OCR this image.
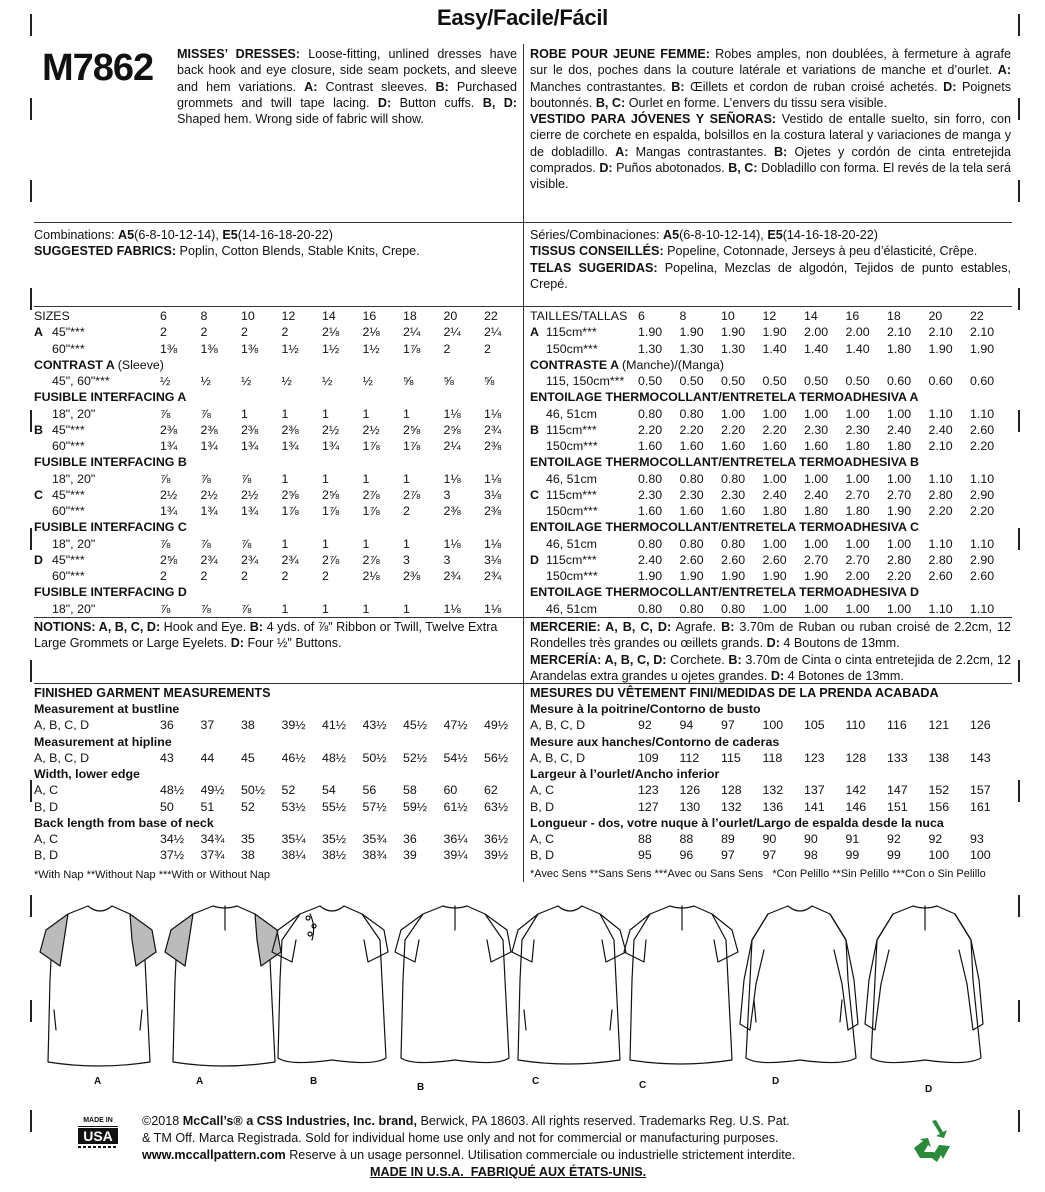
Easy/Facile/Fácil
M7862 MISSES’ DRESSES: Loose-fitting, unlined dresses have back hook and eye closure, side seam pockets, and sleeve and hem variations. A: Contrast sleeves. B: Purchased grommets and twill tape lacing. D: Button cuffs. B, D: Shaped hem. Wrong side of fabric will show.

ROBE POUR JEUNE FEMME: Robes amples, non doublées, à fermeture à agrafe sur le dos, poches dans la couture latérale et variations de manche et d’ourlet. A: Manches contrastantes. B: Œillets et cordon de ruban croisé achetés. D: Poignets boutonnés. B, C: Ourlet en forme. L’envers du tissu sera visible.

VESTIDO PARA JÓVENES Y SEÑORAS: Vestido de entalle suelto, sin forro, con cierre de corchete en espalda, bolsillos en la costura lateral y variaciones de manga y de dobladillo. A: Mangas contrastantes. B: Ojetes y cordón de cinta entretejida comprados. D: Puños abotonados. B, C: Dobladillo con forma. El revés de la tela será visible.

Combinations: A5(6-8-10-12-14), E5(14-16-18-20-22)

SUGGESTED FABRICS: Poplin, Cotton Blends, Stable Knits, Crepe.

Séries/Combinaciones: A5(6-8-10-12-14), E5(14-16-18-20-22)

TISSUS CONSEILLÉS: Popeline, Cotonnade, Jerseys à peu d’élasticité, Crêpe.

TELAS SUGERIDAS: Popelina, Mezclas de algodón, Tejidos de punto estables, Crepé.

SIZES		6	8	10	12	14	16	18	20	22
A	45"***	2	2	2	2	2⅛	2⅛	2¼	2¼	2¼
	60"***	1⅜	1⅜	1⅜	1½	1½	1½	1⅞	2	2
CONTRAST A (Sleeve)										
	45", 60"***	½	½	½	½	½	½	⅝	⅝	⅝
FUSIBLE INTERFACING A										
	18", 20"	⅞	⅞	1	1	1	1	1	1⅛	1⅛
B	45"***	2⅜	2⅜	2⅜	2⅜	2½	2½	2⅝	2⅝	2¾
	60"***	1¾	1¾	1¾	1¾	1¾	1⅞	1⅞	2¼	2⅜
FUSIBLE INTERFACING B										
	18", 20"	⅞	⅞	⅞	1	1	1	1	1⅛	1⅛
C	45"***	2½	2½	2½	2⅝	2⅝	2⅞	2⅞	3	3⅛
	60"***	1¾	1¾	1¾	1⅞	1⅞	1⅞	2	2⅜	2⅜
FUSIBLE INTERFACING C										
	18", 20"	⅞	⅞	⅞	1	1	1	1	1⅛	1⅛
D	45"***	2⅝	2¾	2¾	2¾	2⅞	2⅞	3	3	3⅛
	60"***	2	2	2	2	2	2⅛	2⅜	2¾	2¾
FUSIBLE INTERFACING D										
	18", 20"	⅞	⅞	⅞	1	1	1	1	1⅛	1⅛
TAILLES/TALLAS		6	8	10	12	14	16	18	20	22
A	115cm***	1.90	1.90	1.90	1.90	2.00	2.00	2.10	2.10	2.10
	150cm***	1.30	1.30	1.30	1.40	1.40	1.40	1.80	1.90	1.90
CONTRASTE A (Manche)/(Manga)										
	115, 150cm***	0.50	0.50	0.50	0.50	0.50	0.50	0.60	0.60	0.60
ENTOILAGE THERMOCOLLANT/ENTRETELA TERMOADHESIVA A										
	46, 51cm	0.80	0.80	1.00	1.00	1.00	1.00	1.00	1.10	1.10
B	115cm***	2.20	2.20	2.20	2.20	2.30	2.30	2.40	2.40	2.60
	150cm***	1.60	1.60	1.60	1.60	1.60	1.80	1.80	2.10	2.20
ENTOILAGE THERMOCOLLANT/ENTRETELA TERMOADHESIVA B										
	46, 51cm	0.80	0.80	0.80	1.00	1.00	1.00	1.00	1.10	1.10
C	115cm***	2.30	2.30	2.30	2.40	2.40	2.70	2.70	2.80	2.90
	150cm***	1.60	1.60	1.60	1.80	1.80	1.80	1.90	2.20	2.20
ENTOILAGE THERMOCOLLANT/ENTRETELA TERMOADHESIVA C										
	46, 51cm	0.80	0.80	0.80	1.00	1.00	1.00	1.00	1.10	1.10
D	115cm***	2.40	2.60	2.60	2.60	2.70	2.70	2.80	2.80	2.90
	150cm***	1.90	1.90	1.90	1.90	1.90	2.00	2.20	2.60	2.60
ENTOILAGE THERMOCOLLANT/ENTRETELA TERMOADHESIVA D										
	46, 51cm	0.80	0.80	0.80	1.00	1.00	1.00	1.00	1.10	1.10

NOTIONS: A, B, C, D: Hook and Eye. B: 4 yds. of ⅞" Ribbon or Twill, Twelve Extra Large Grommets or Large Eyelets. D: Four ½" Buttons.

MERCERIE: A, B, C, D: Agrafe. B: 3.70m de Ruban ou ruban croisé de 2.2cm, 12 Rondelles très grandes ou œillets grands. D: 4 Boutons de 13mm.

MERCERÍA: A, B, C, D: Corchete. B: 3.70m de Cinta o cinta entretejida de 2.2cm, 12 Arandelas extra grandes u ojetes grandes. D: 4 Botones de 13mm.

FINISHED GARMENT MEASUREMENTS	MESURES DU VÊTEMENT FINI/MEDIDAS DE LA PRENDA ACABADA
Measurement at bustline									
A, B, C, D	36	37	38	39½	41½	43½	45½	47½	49½
Measurement at hipline									
A, B, C, D	43	44	45	46½	48½	50½	52½	54½	56½
Width, lower edge									
A, C	48½	49½	50½	52	54	56	58	60	62
B, D	50	51	52	53½	55½	57½	59½	61½	63½
Back length from base of neck									
A, C	34½	34¾	35	35¼	35½	35¾	36	36¼	36½
B, D	37½	37¾	38	38¼	38½	38¾	39	39¼	39½
Mesure à la poitrine/Contorno de busto									
A, B, C, D	92	94	97	100	105	110	116	121	126
Mesure aux hanches/Contorno de caderas									
A, B, C, D	109	112	115	118	123	128	133	138	143
Largeur à l’ourlet/Ancho inferior									
A, C	123	126	128	132	137	142	147	152	157
B, D	127	130	132	136	141	146	151	156	161
Longueur - dos, votre nuque à l’ourlet/Largo de espalda desde la nuca									
A, C	88	88	89	90	90	91	92	92	93
B, D	95	96	97	97	98	99	99	100	100
*With Nap **Without Nap ***With or Without Nap	*Avec Sens **Sans Sens ***Avec ou Sans Sens   *Con Pelillo **Sin Pelillo ***Con o Sin Pelillo
A	A	B
B
C	C	D
D
MADE IN
USA
©2018 McCall’s® a CSS Industries, Inc. brand, Berwick, PA 18603. All rights reserved. Trademarks Reg. U.S. Pat.
& TM Off. Marca Registrada. Sold for individual home use only and not for commercial or manufacturing purposes.
www.mccallpattern.com Reserve à un usage personnel. Utilisation commerciale ou industrielle strictement interdite.
MADE IN U.S.A.  FABRIQUÉ AUX ÉTATS-UNIS.
